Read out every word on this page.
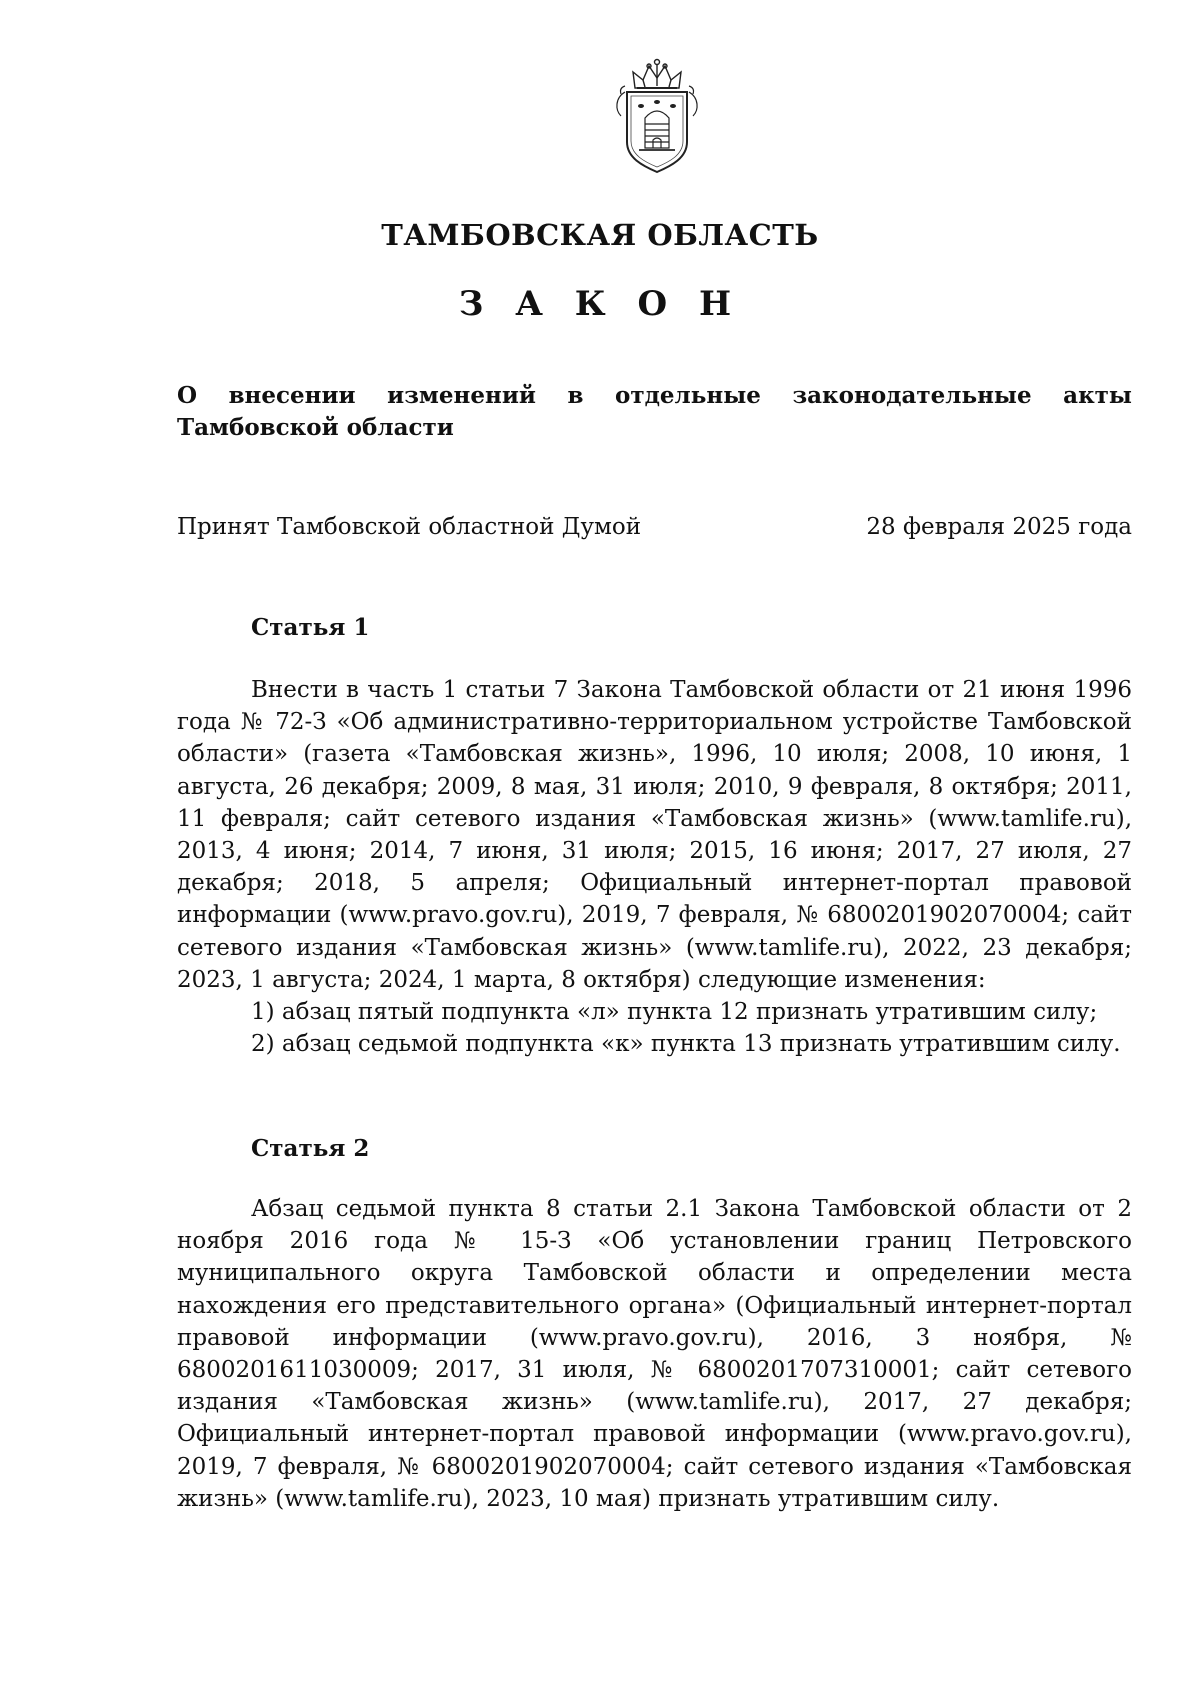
ТАМБОВСКАЯ ОБЛАСТЬ
З А К О Н
О внесении изменений в отдельные законодательные акты Тамбовской области
Принят Тамбовской областной Думой	28 февраля 2025 года
Статья 1

Внести в часть 1 статьи 7 Закона Тамбовской области от 21 июня 1996 года № 72-З «Об административно-территориальном устройстве Тамбовской области» (газета «Тамбовская жизнь», 1996, 10 июля; 2008, 10 июня, 1 августа, 26 декабря; 2009, 8 мая, 31 июля; 2010, 9 февраля, 8 октября; 2011, 11 февраля; сайт сетевого издания «Тамбовская жизнь» (www.tamlife.ru), 2013, 4 июня; 2014, 7 июня, 31 июля; 2015, 16 июня; 2017, 27 июля, 27 декабря; 2018, 5 апреля; Официальный интернет-портал правовой информации (www.pravo.gov.ru), 2019, 7 февраля, № 6800201902070004; сайт сетевого издания «Тамбовская жизнь» (www.tamlife.ru), 2022, 23 декабря; 2023, 1 августа; 2024, 1 марта, 8 октября) следующие изменения:

1) абзац пятый подпункта «л» пункта 12 признать утратившим силу;

2) абзац седьмой подпункта «к» пункта 13 признать утратившим силу.

Статья 2

Абзац седьмой пункта 8 статьи 2.1 Закона Тамбовской области от 2 ноября 2016 года № 15-З «Об установлении границ Петровского муниципального округа Тамбовской области и определении места нахождения его представительного органа» (Официальный интернет-портал правовой информации (www.pravo.gov.ru), 2016, 3 ноября, № 6800201611030009; 2017, 31 июля, № 6800201707310001; сайт сетевого издания «Тамбовская жизнь» (www.tamlife.ru), 2017, 27 декабря; Официальный интернет-портал правовой информации (www.pravo.gov.ru), 2019, 7 февраля, № 6800201902070004; сайт сетевого издания «Тамбовская жизнь» (www.tamlife.ru), 2023, 10 мая) признать утратившим силу.
